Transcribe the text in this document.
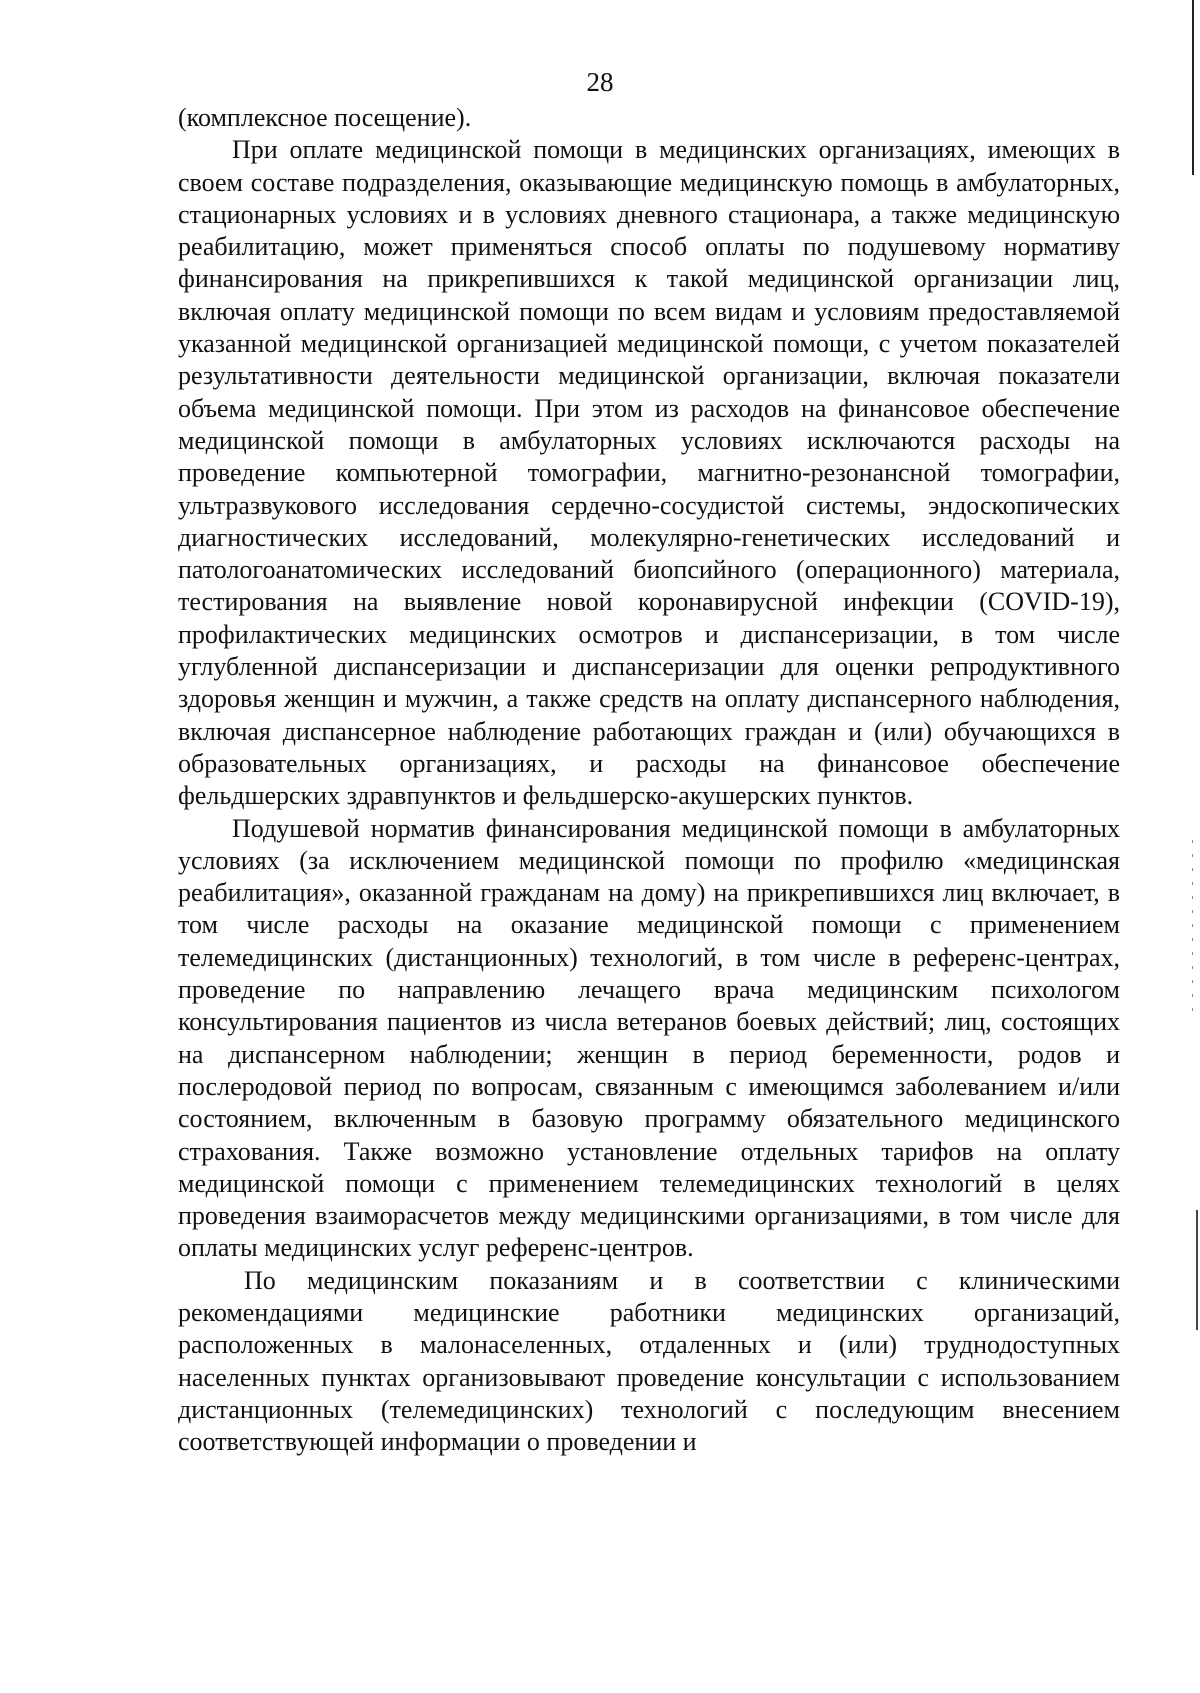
28

(комплексное посещение).

При оплате медицинской помощи в медицинских организациях, имеющих в своем составе подразделения, оказывающие медицинскую помощь в амбулаторных, стационарных условиях и в условиях дневного стационара, а также медицинскую реабилитацию, может применяться способ оплаты по подушевому нормативу финансирования на прикрепившихся к такой медицинской организации лиц, включая оплату медицинской помощи по всем видам и условиям предоставляемой указанной медицинской организацией медицинской помощи, с учетом показателей результативности деятельности медицинской организации, включая показатели объема медицинской помощи. При этом из расходов на финансовое обеспечение медицинской помощи в амбулаторных условиях исключаются расходы на проведение компьютерной томографии, магнитно-резонансной томографии, ультразвукового исследования сердечно-сосудистой системы, эндоскопических диагностических исследований, молекулярно-генетических исследований и патологоанатомических исследований биопсийного (операционного) материала, тестирования на выявление новой коронавирусной инфекции (COVID-19), профилактических медицинских осмотров и диспансеризации, в том числе углубленной диспансеризации и диспансеризации для оценки репродуктивного здоровья женщин и мужчин, а также средств на оплату диспансерного наблюдения, включая диспансерное наблюдение работающих граждан и (или) обучающихся в образовательных организациях, и расходы на финансовое обеспечение фельдшерских здравпунктов и фельдшерско-акушерских пунктов.

Подушевой норматив финансирования медицинской помощи в амбулаторных условиях (за исключением медицинской помощи по профилю «медицинская реабилитация», оказанной гражданам на дому) на прикрепившихся лиц включает, в том числе расходы на оказание медицинской помощи с применением телемедицинских (дистанционных) технологий, в том числе в референс-центрах, проведение по направлению лечащего врача медицинским психологом консультирования пациентов из числа ветеранов боевых действий; лиц, состоящих на диспансерном наблюдении; женщин в период беременности, родов и послеродовой период по вопросам, связанным с имеющимся заболеванием и/или состоянием, включенным в базовую программу обязательного медицинского страхования. Также возможно установление отдельных тарифов на оплату медицинской помощи с применением телемедицинских технологий в целях проведения взаиморасчетов между медицинскими организациями, в том числе для оплаты медицинских услуг референс-центров.

По медицинским показаниям и в соответствии с клиническими рекомендациями медицинские работники медицинских организаций, расположенных в малонаселенных, отдаленных и (или) труднодоступных населенных пунктах организовывают проведение консультации с использованием дистанционных (телемедицинских) технологий с последующим внесением соответствующей информации о проведении и
